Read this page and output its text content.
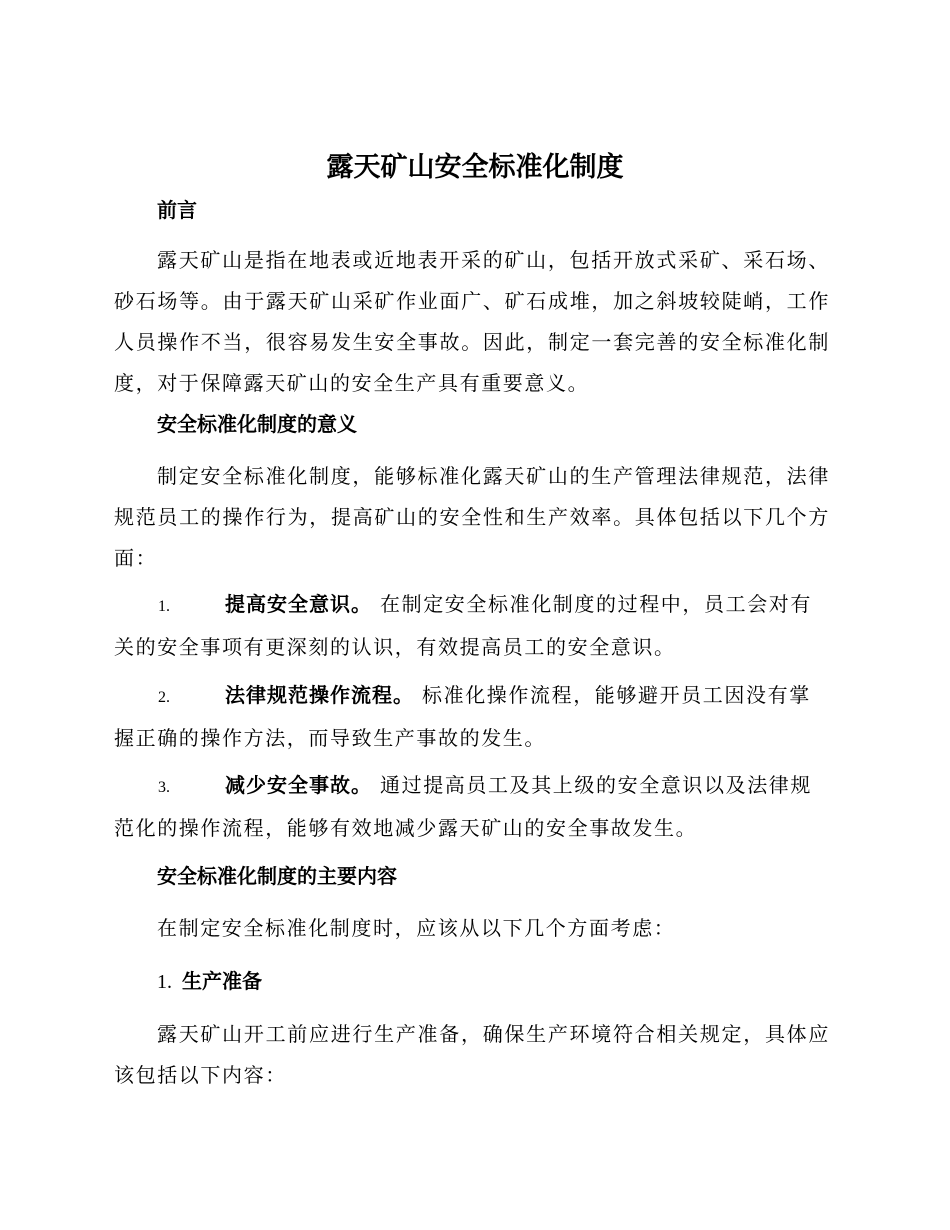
露天矿山安全标准化制度
前言

露天矿山是指在地表或近地表开采的矿山，包括开放式采矿、采石场、砂石场等。由于露天矿山采矿作业面广、矿石成堆，加之斜坡较陡峭，工作人员操作不当，很容易发生安全事故。因此，制定一套完善的安全标准化制度，对于保障露天矿山的安全生产具有重要意义。

安全标准化制度的意义

制定安全标准化制度，能够标准化露天矿山的生产管理法律规范，法律规范员工的操作行为，提高矿山的安全性和生产效率。具体包括以下几个方面：

1.	提高安全意识。 在制定安全标准化制度的过程中，员工会对有关的安全事项有更深刻的认识，有效提高员工的安全意识。
2.	法律规范操作流程。 标准化操作流程，能够避开员工因没有掌握正确的操作方法，而导致生产事故的发生。
3.	减少安全事故。 通过提高员工及其上级的安全意识以及法律规范化的操作流程，能够有效地减少露天矿山的安全事故发生。
安全标准化制度的主要内容

在制定安全标准化制度时，应该从以下几个方面考虑：

1. 生产准备

露天矿山开工前应进行生产准备，确保生产环境符合相关规定，具体应该包括以下内容：
